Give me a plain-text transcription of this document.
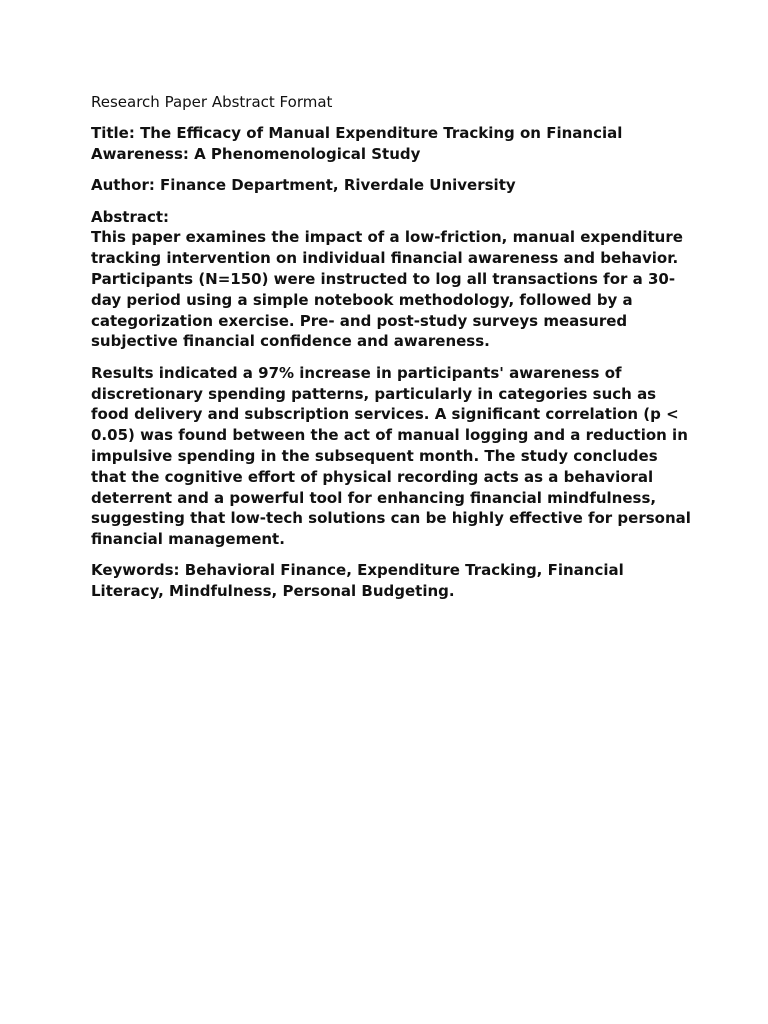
Research Paper Abstract Format

Title: The Efficacy of Manual Expenditure Tracking on Financial Awareness: A Phenomenological Study

Author: Finance Department, Riverdale University

Abstract:
This paper examines the impact of a low-friction, manual expenditure tracking intervention on individual financial awareness and behavior. Participants (N=150) were instructed to log all transactions for a 30-day period using a simple notebook methodology, followed by a categorization exercise. Pre- and post-study surveys measured subjective financial confidence and awareness.

Results indicated a 97% increase in participants' awareness of discretionary spending patterns, particularly in categories such as food delivery and subscription services. A significant correlation (p < 0.05) was found between the act of manual logging and a reduction in impulsive spending in the subsequent month. The study concludes that the cognitive effort of physical recording acts as a behavioral deterrent and a powerful tool for enhancing financial mindfulness, suggesting that low-tech solutions can be highly effective for personal financial management.

Keywords: Behavioral Finance, Expenditure Tracking, Financial Literacy, Mindfulness, Personal Budgeting.
